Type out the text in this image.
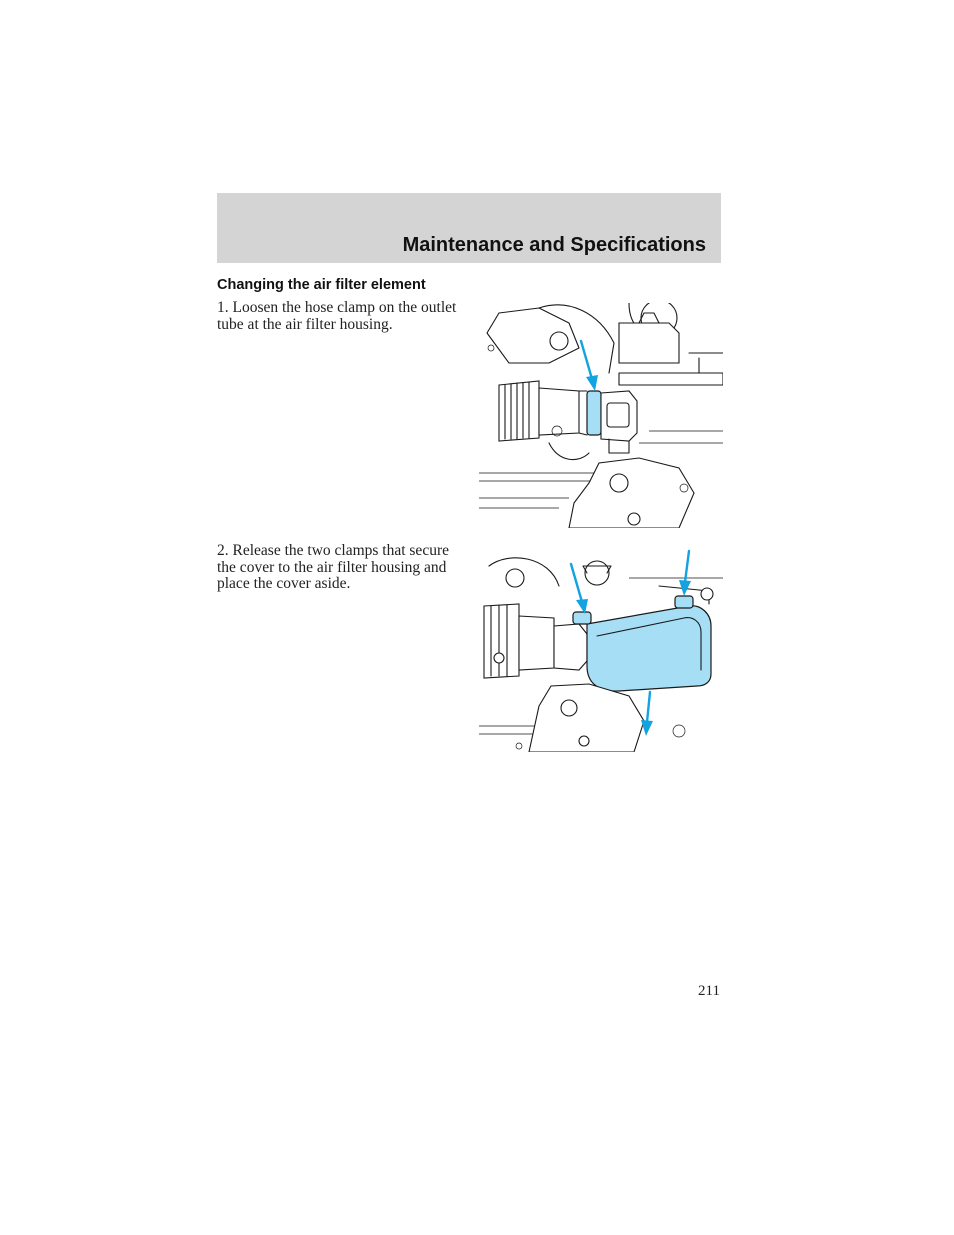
Maintenance and Specifications
Changing the air filter element
1. Loosen the hose clamp on the outlet tube at the air filter housing.
2. Release the two clamps that secure the cover to the air filter housing and place the cover aside.
211
